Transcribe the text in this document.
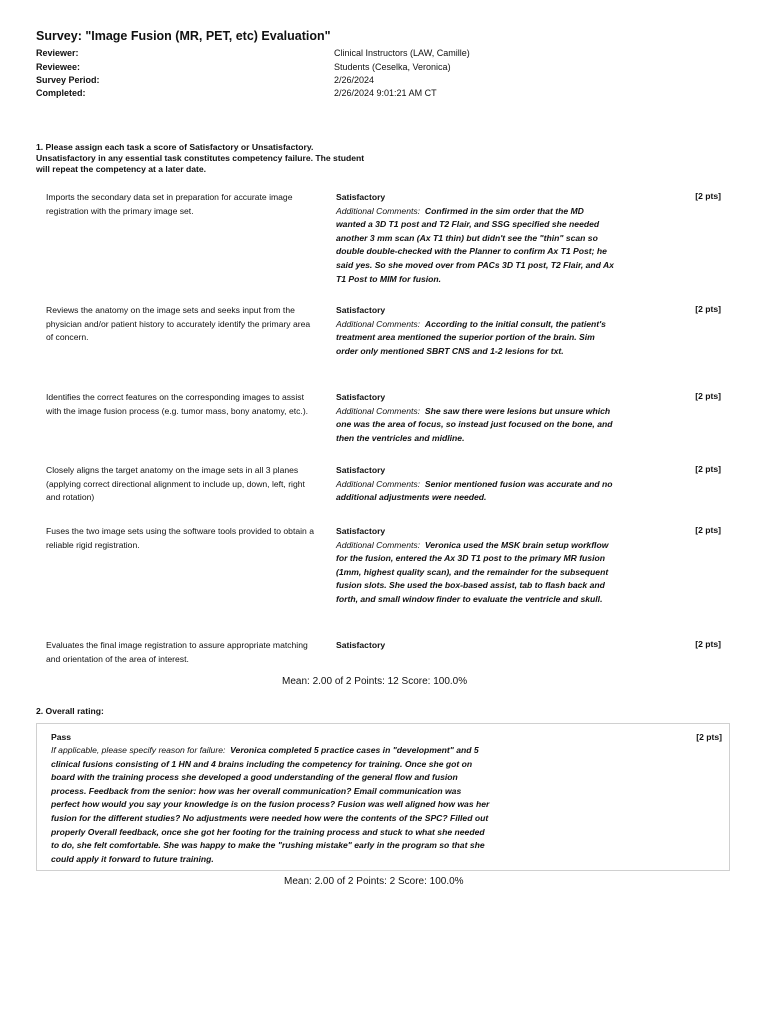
Survey: "Image Fusion (MR, PET, etc) Evaluation"
Reviewer:	Clinical Instructors (LAW, Camille)
Reviewee:	Students (Ceselka, Veronica)
Survey Period:	2/26/2024
Completed:	2/26/2024 9:01:21 AM CT
1. Please assign each task a score of Satisfactory or Unsatisfactory. Unsatisfactory in any essential task constitutes competency failure. The student will repeat the competency at a later date.
Imports the secondary data set in preparation for accurate image registration with the primary image set.
Satisfactory
Additional Comments: Confirmed in the sim order that the MD wanted a 3D T1 post and T2 Flair, and SSG specified she needed another 3 mm scan (Ax T1 thin) but didn't see the "thin" scan so double double-checked with the Planner to confirm Ax T1 Post; he said yes. So she moved over from PACs 3D T1 post, T2 Flair, and Ax T1 Post to MIM for fusion.
[2 pts]
Reviews the anatomy on the image sets and seeks input from the physician and/or patient history to accurately identify the primary area of concern.
Satisfactory
Additional Comments: According to the initial consult, the patient's treatment area mentioned the superior portion of the brain. Sim order only mentioned SBRT CNS and 1-2 lesions for txt.
[2 pts]
Identifies the correct features on the corresponding images to assist with the image fusion process (e.g. tumor mass, bony anatomy, etc.).
Satisfactory
Additional Comments: She saw there were lesions but unsure which one was the area of focus, so instead just focused on the bone, and then the ventricles and midline.
[2 pts]
Closely aligns the target anatomy on the image sets in all 3 planes (applying correct directional alignment to include up, down, left, right and rotation)
Satisfactory
Additional Comments: Senior mentioned fusion was accurate and no additional adjustments were needed.
[2 pts]
Fuses the two image sets using the software tools provided to obtain a reliable rigid registration.
Satisfactory
Additional Comments: Veronica used the MSK brain setup workflow for the fusion, entered the Ax 3D T1 post to the primary MR fusion (1mm, highest quality scan), and the remainder for the subsequent fusion slots. She used the box-based assist, tab to flash back and forth, and small window finder to evaluate the ventricle and skull.
[2 pts]
Evaluates the final image registration to assure appropriate matching and orientation of the area of interest.
Satisfactory	[2 pts]
Mean: 2.00 of 2 Points: 12 Score: 100.0%
2. Overall rating:
Pass	[2 pts]
If applicable, please specify reason for failure: Veronica completed 5 practice cases in "development" and 5 clinical fusions consisting of 1 HN and 4 brains including the competency for training. Once she got on board with the training process she developed a good understanding of the general flow and fusion process. Feedback from the senior: how was her overall communication? Email communication was perfect how would you say your knowledge is on the fusion process? Fusion was well aligned how was her fusion for the different studies? No adjustments were needed how were the contents of the SPC? Filled out properly Overall feedback, once she got her footing for the training process and stuck to what she needed to do, she felt comfortable. She was happy to make the "rushing mistake" early in the program so that she could apply it forward to future training.
Mean: 2.00 of 2 Points: 2 Score: 100.0%
